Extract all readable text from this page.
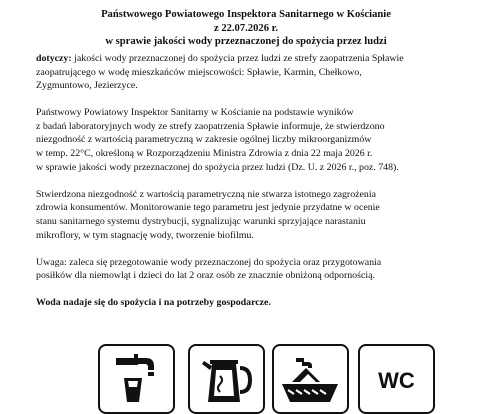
Państwowego Powiatowego Inspektora Sanitarnego w Kościanie
z 22.07.2026 r.
w sprawie jakości wody przeznaczonej do spożycia przez ludzi
dotyczy: jakości wody przeznaczonej do spożycia przez ludzi ze strefy zaopatrzenia Spławie
zaopatrującego w wodę mieszkańców miejscowości: Spławie, Karmin, Chełkowo,
Zygmuntowo, Jezierzyce.
Państwowy Powiatowy Inspektor Sanitarny w Kościanie na podstawie wyników
z badań laboratoryjnych wody ze strefy zaopatrzenia Spławie informuje, że stwierdzono
niezgodność z wartością parametryczną w zakresie ogólnej liczby mikroorganizmów
w temp. 22°C, określoną w Rozporządzeniu Ministra Zdrowia z dnia 22 maja 2026 r.
w sprawie jakości wody przeznaczonej do spożycia przez ludzi (Dz. U. z 2026 r., poz. 748).
Stwierdzona niezgodność z wartością parametryczną nie stwarza istotnego zagrożenia
zdrowia konsumentów. Monitorowanie tego parametru jest jedynie przydatne w ocenie
stanu sanitarnego systemu dystrybucji, sygnalizując warunki sprzyjające narastaniu
mikroflory, w tym stagnację wody, tworzenie biofilmu.
Uwaga: zaleca się przegotowanie wody przeznaczonej do spożycia oraz przygotowania
posiłków dla niemowląt i dzieci do lat 2 oraz osób ze znacznie obniżoną odpornością.
Woda nadaje się do spożycia i na potrzeby gospodarcze.
WC
